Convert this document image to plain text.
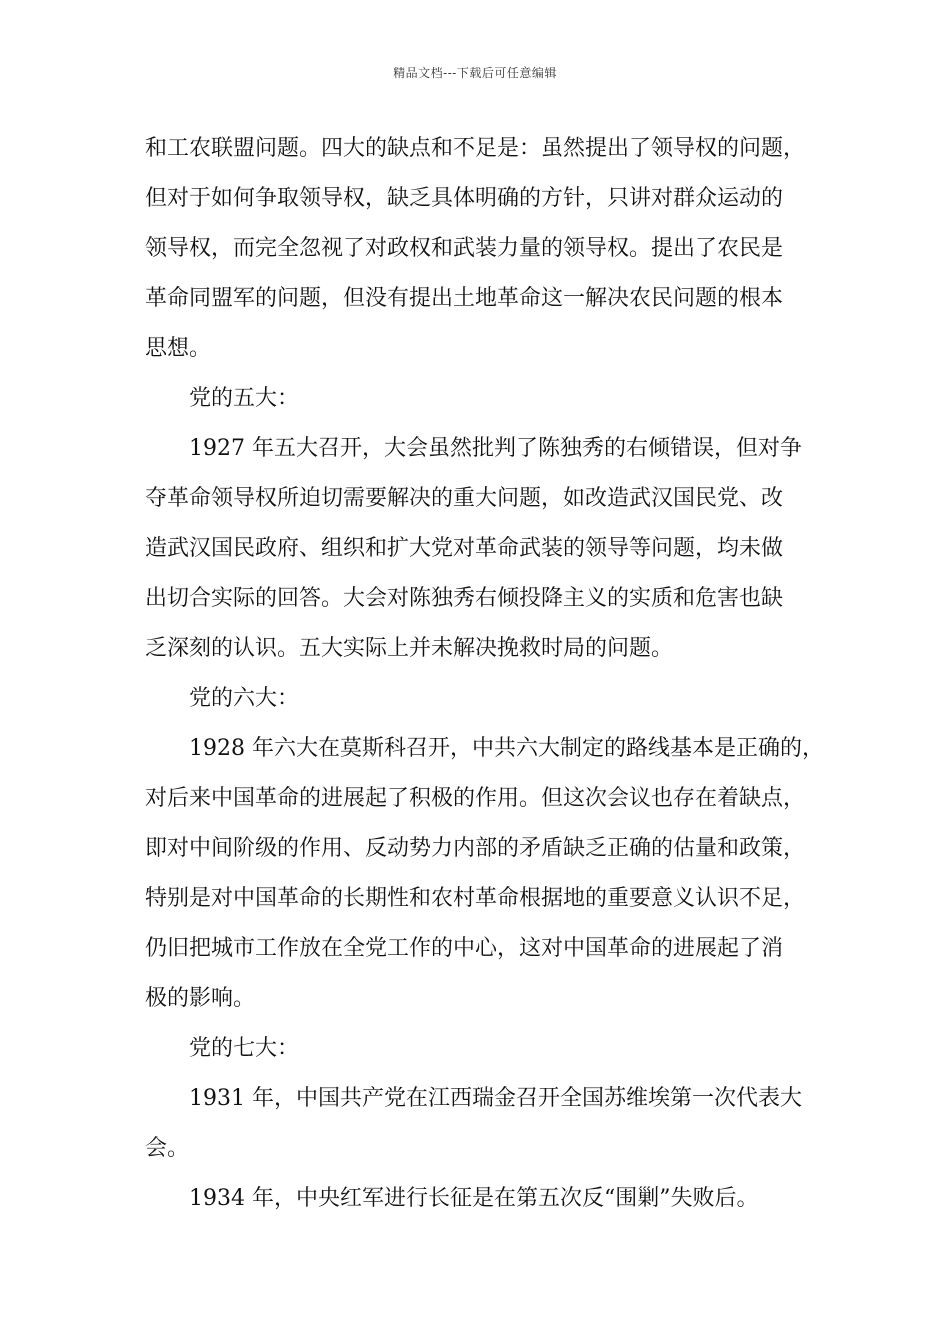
精品文档---下载后可任意编辑
和工农联盟问题。四大的缺点和不足是：虽然提出了领导权的问题，
但对于如何争取领导权，缺乏具体明确的方针，只讲对群众运动的
领导权，而完全忽视了对政权和武装力量的领导权。提出了农民是
革命同盟军的问题，但没有提出土地革命这一解决农民问题的根本
思想。
党的五大：
1927 年五大召开，大会虽然批判了陈独秀的右倾错误，但对争
夺革命领导权所迫切需要解决的重大问题，如改造武汉国民党、改
造武汉国民政府、组织和扩大党对革命武装的领导等问题，均未做
出切合实际的回答。大会对陈独秀右倾投降主义的实质和危害也缺
乏深刻的认识。五大实际上并未解决挽救时局的问题。
党的六大：
1928 年六大在莫斯科召开，中共六大制定的路线基本是正确的，
对后来中国革命的进展起了积极的作用。但这次会议也存在着缺点，
即对中间阶级的作用、反动势力内部的矛盾缺乏正确的估量和政策，
特别是对中国革命的长期性和农村革命根据地的重要意义认识不足，
仍旧把城市工作放在全党工作的中心，这对中国革命的进展起了消
极的影响。
党的七大：
1931 年，中国共产党在江西瑞金召开全国苏维埃第一次代表大
会。
1934 年，中央红军进行长征是在第五次反“围剿”失败后。
